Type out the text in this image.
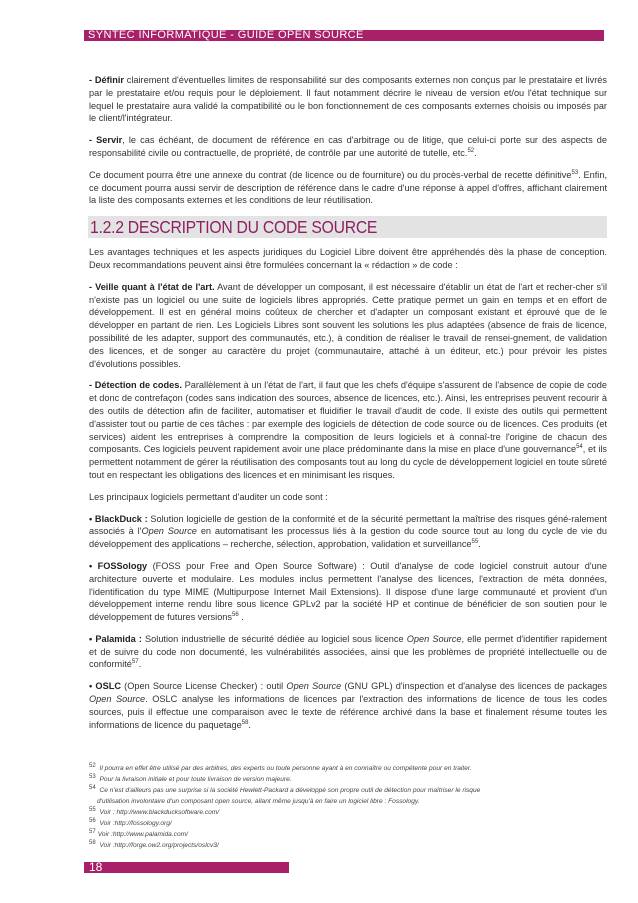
SYNTEC INFORMATIQUE - GUIDE OPEN SOURCE

- Définir clairement d'éventuelles limites de responsabilité sur des composants externes non conçus par le prestataire et livrés par le prestataire et/ou requis pour le déploiement. Il faut notamment décrire le niveau de version et/ou l'état technique sur lequel le prestataire aura validé la compatibilité ou le bon fonctionnement de ces composants externes choisis ou imposés par le client/l'intégrateur.

- Servir, le cas échéant, de document de référence en cas d'arbitrage ou de litige, que celui-ci porte sur des aspects de responsabilité civile ou contractuelle, de propriété, de contrôle par une autorité de tutelle, etc.$^{52}$.

Ce document pourra être une annexe du contrat (de licence ou de fourniture) ou du procès-verbal de recette définitive$^{53}$. Enfin, ce document pourra aussi servir de description de référence dans le cadre d'une réponse à appel d'offres, affichant clairement la liste des composants externes et les conditions de leur réutilisation.

1.2.2 DESCRIPTION DU CODE SOURCE

Les avantages techniques et les aspects juridiques du Logiciel Libre doivent être appréhendés dès la phase de conception. Deux recommandations peuvent ainsi être formulées concernant la « rédaction » de code :

- Veille quant à l'état de l'art. Avant de développer un composant, il est nécessaire d'établir un état de l'art et recher-cher s'il n'existe pas un logiciel ou une suite de logiciels libres appropriés. Cette pratique permet un gain en temps et en effort de développement. Il est en général moins coûteux de chercher et d'adapter un composant existant et éprouvé que de le développer en partant de rien. Les Logiciels Libres sont souvent les solutions les plus adaptées (absence de frais de licence, possibilité de les adapter, support des communautés, etc.), à condition de réaliser le travail de rensei-gnement, de validation des licences, et de songer au caractère du projet (communautaire, attaché à un éditeur, etc.) pour prévoir les pistes d'évolutions possibles.

- Détection de codes. Parallèlement à un l'état de l'art, il faut que les chefs d'équipe s'assurent de l'absence de copie de code et donc de contrefaçon (codes sans indication des sources, absence de licences, etc.). Ainsi, les entreprises peuvent recourir à des outils de détection afin de faciliter, automatiser et fluidifier le travail d'audit de code. Il existe des outils qui permettent d'assister tout ou partie de ces tâches : par exemple des logiciels de détection de code source ou de licences. Ces produits (et services) aident les entreprises à comprendre la composition de leurs logiciels et à connaî-tre l'origine de chacun des composants. Ces logiciels peuvent rapidement avoir une place prédominante dans la mise en place d'une gouvernance$^{54}$, et ils permettent notamment de gérer la réutilisation des composants tout au long du cycle de développement logiciel en toute sûreté tout en respectant les obligations des licences et en minimisant les risques.

Les principaux logiciels permettant d'auditer un code sont :

• BlackDuck : Solution logicielle de gestion de la conformité et de la sécurité permettant la maîtrise des risques géné-ralement associés à l'Open Source en automatisant les processus liés à la gestion du code source tout au long du cycle de vie du développement des applications – recherche, sélection, approbation, validation et surveillance$^{55}$.

• FOSSology (FOSS pour Free and Open Source Software) : Outil d'analyse de code logiciel construit autour d'une architecture ouverte et modulaire. Les modules inclus permettent l'analyse des licences, l'extraction de méta données, l'identification du type MIME (Multipurpose Internet Mail Extensions). Il dispose d'une large communauté et provient d'un développement interne rendu libre sous licence GPLv2 par la société HP et continue de bénéficier de son soutien pour le développement de futures versions$^{56}$ .

• Palamida : Solution industrielle de sécurité dédiée au logiciel sous licence Open Source, elle permet d'identifier rapidement et de suivre du code non documenté, les vulnérabilités associées, ainsi que les problèmes de propriété intellectuelle ou de conformité$^{57}$.

• OSLC (Open Source License Checker) : outil Open Source (GNU GPL) d'inspection et d'analyse des licences de packages Open Source. OSLC analyse les informations de licences par l'extraction des informations de licence de tous les codes sources, puis il effectue une comparaison avec le texte de référence archivé dans la base et finalement résume toutes les informations de licence du paquetage$^{58}$.

$^{52}$ Il pourra en effet être utilisé par des arbitres, des experts ou toute personne ayant à en connaître ou compétente pour en traiter.
$^{53}$ Pour la livraison initiale et pour toute livraison de version majeure.
$^{54}$ Ce n'est d'ailleurs pas une surprise si la société Hewlett-Packard a développé son propre outil de détection pour maîtriser le risque
d'utilisation involontaire d'un composant open source, allant même jusqu'à en faire un logiciel libre : Fossology.
$^{55}$ Voir : http://www.blackducksoftware.com/
$^{56}$ Voir :http://fossology.org/
$^{57}$ Voir :http://www.palamida.com/
$^{58}$ Voir :http://forge.ow2.org/projects/oslcv3/
18
